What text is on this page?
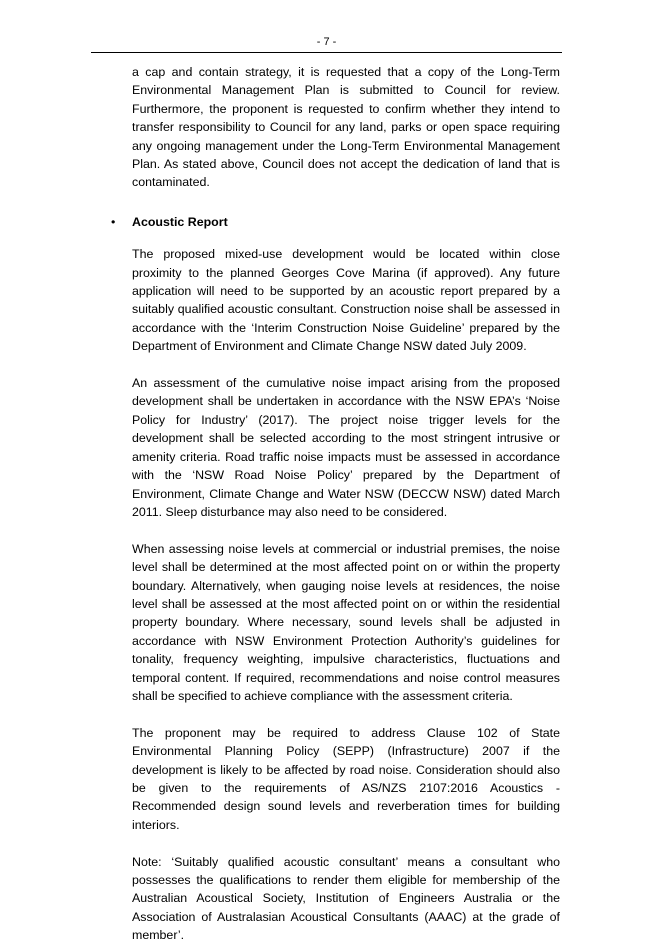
- 7 -

a cap and contain strategy, it is requested that a copy of the Long-Term Environmental Management Plan is submitted to Council for review. Furthermore, the proponent is requested to confirm whether they intend to transfer responsibility to Council for any land, parks or open space requiring any ongoing management under the Long-Term Environmental Management Plan. As stated above, Council does not accept the dedication of land that is contaminated.

• Acoustic Report

The proposed mixed-use development would be located within close proximity to the planned Georges Cove Marina (if approved). Any future application will need to be supported by an acoustic report prepared by a suitably qualified acoustic consultant. Construction noise shall be assessed in accordance with the ‘Interim Construction Noise Guideline’ prepared by the Department of Environment and Climate Change NSW dated July 2009.

An assessment of the cumulative noise impact arising from the proposed development shall be undertaken in accordance with the NSW EPA’s ‘Noise Policy for Industry’ (2017). The project noise trigger levels for the development shall be selected according to the most stringent intrusive or amenity criteria. Road traffic noise impacts must be assessed in accordance with the ‘NSW Road Noise Policy’ prepared by the Department of Environment, Climate Change and Water NSW (DECCW NSW) dated March 2011. Sleep disturbance may also need to be considered.

When assessing noise levels at commercial or industrial premises, the noise level shall be determined at the most affected point on or within the property boundary. Alternatively, when gauging noise levels at residences, the noise level shall be assessed at the most affected point on or within the residential property boundary. Where necessary, sound levels shall be adjusted in accordance with NSW Environment Protection Authority’s guidelines for tonality, frequency weighting, impulsive characteristics, fluctuations and temporal content. If required, recommendations and noise control measures shall be specified to achieve compliance with the assessment criteria.

The proponent may be required to address Clause 102 of State Environmental Planning Policy (SEPP) (Infrastructure) 2007 if the development is likely to be affected by road noise. Consideration should also be given to the requirements of AS/NZS 2107:2016 Acoustics - Recommended design sound levels and reverberation times for building interiors.

Note: ‘Suitably qualified acoustic consultant’ means a consultant who possesses the qualifications to render them eligible for membership of the Australian Acoustical Society, Institution of Engineers Australia or the Association of Australasian Acoustical Consultants (AAAC) at the grade of member’.
